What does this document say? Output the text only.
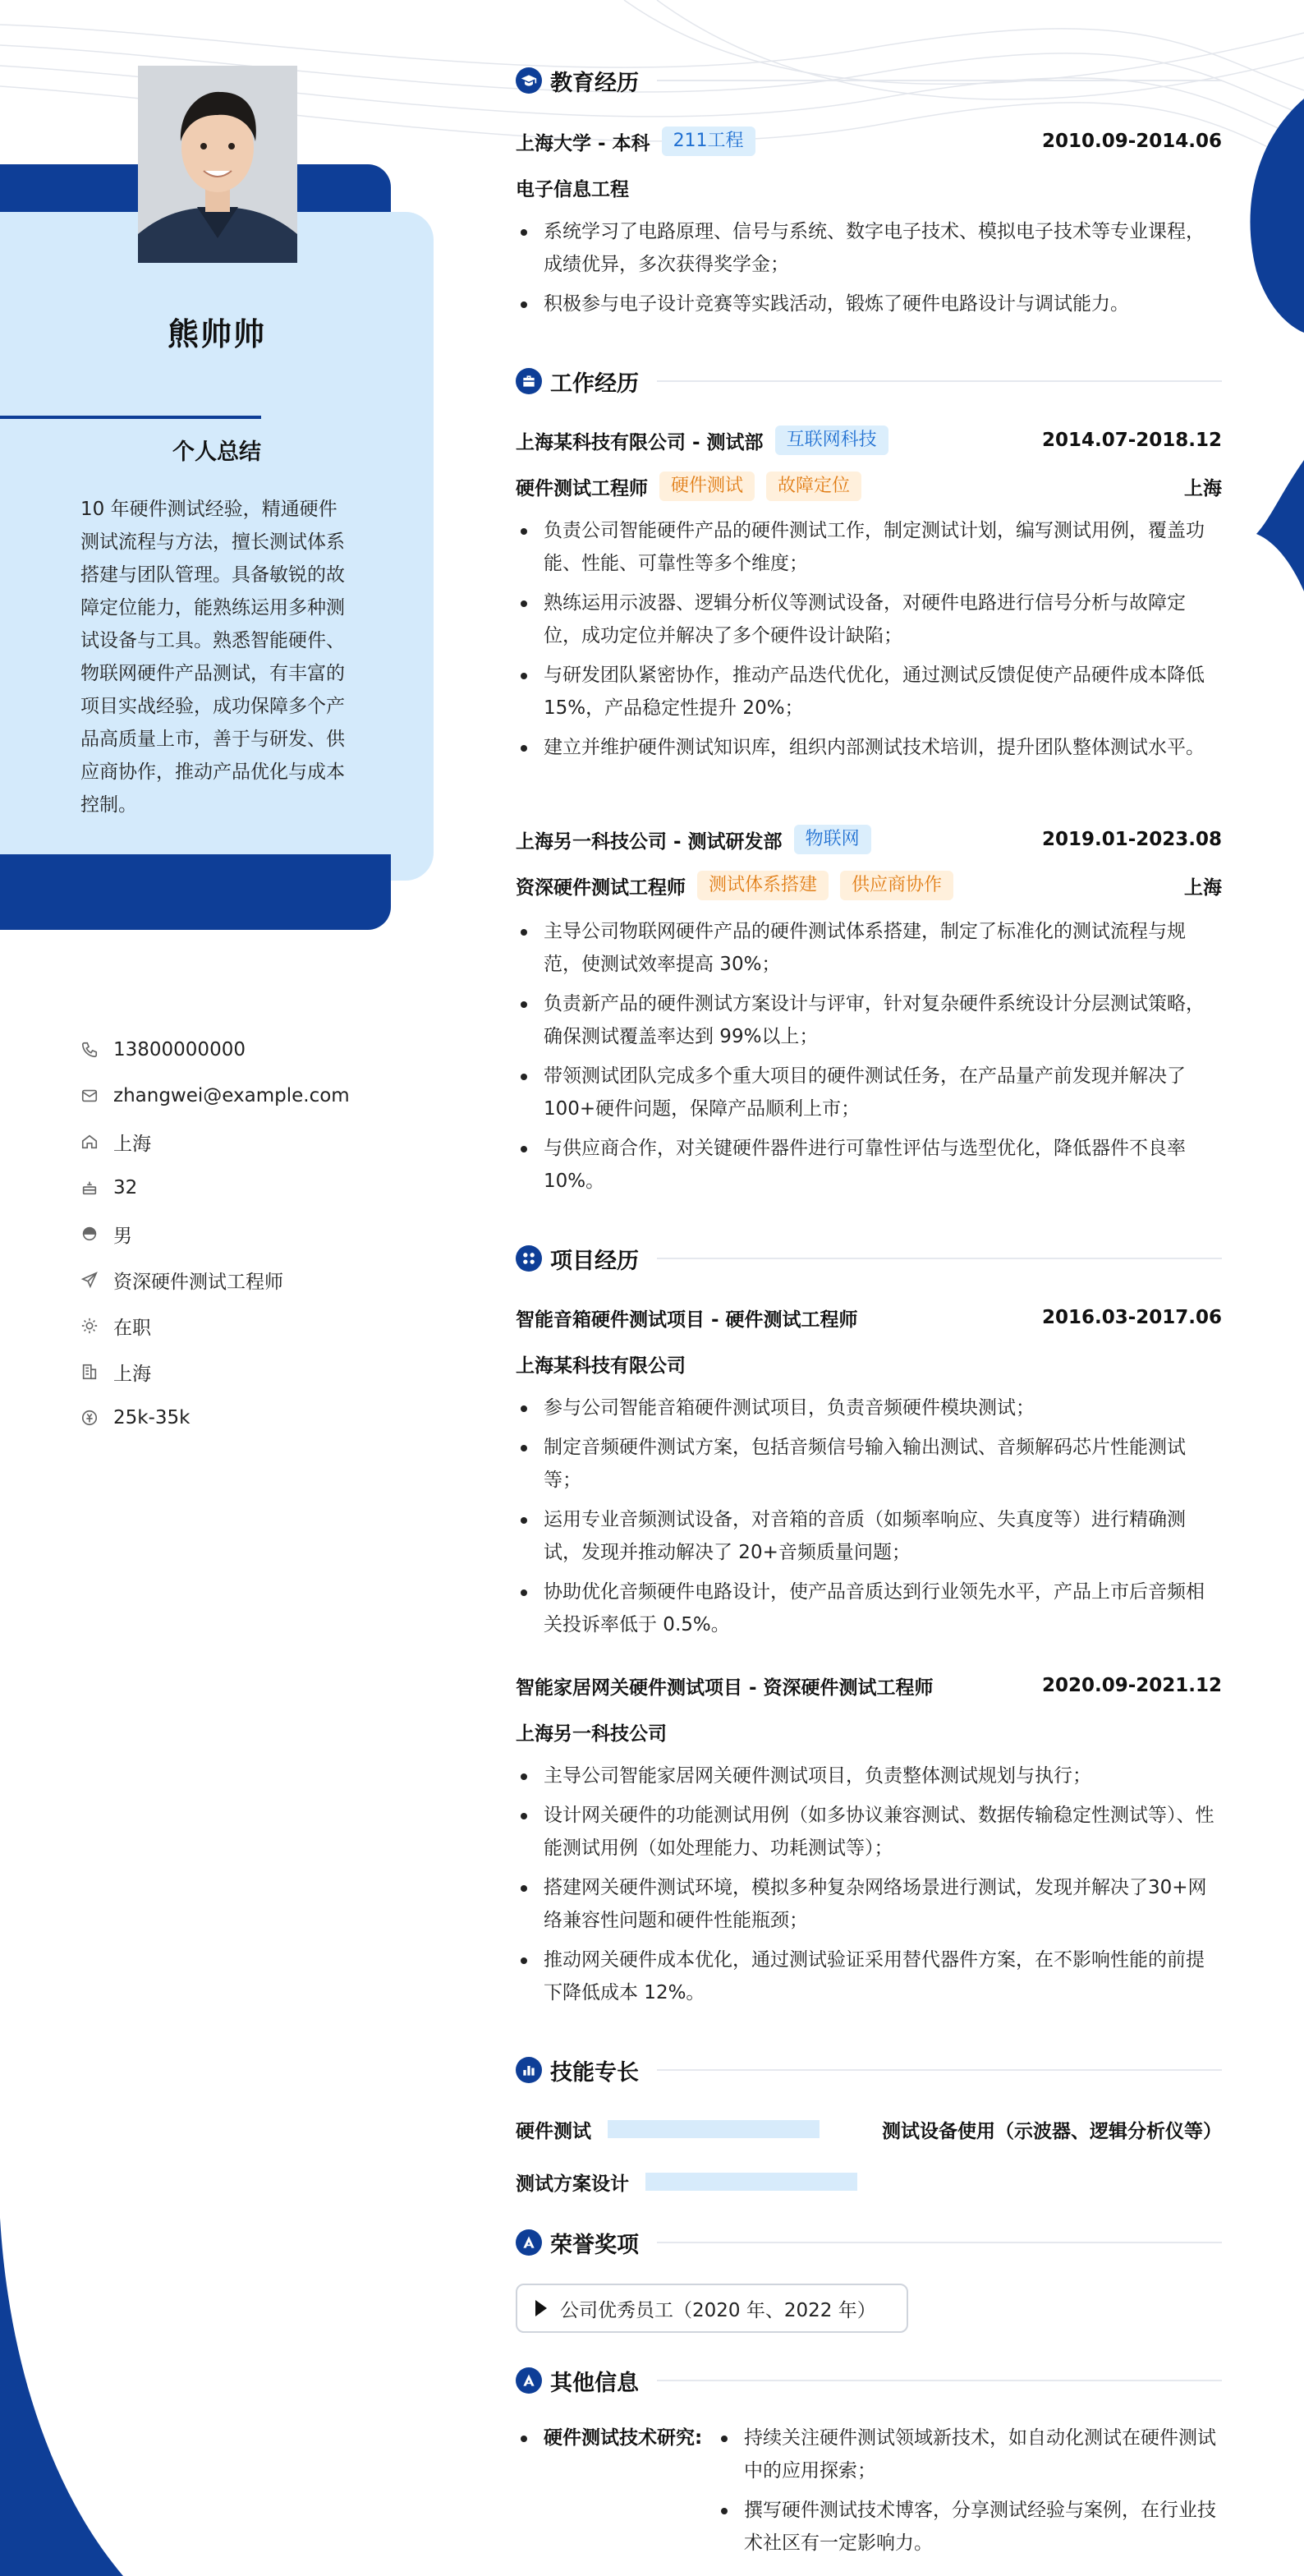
熊帅帅
个人总结
10 年硬件测试经验，精通硬件测试流程与方法，擅长测试体系搭建与团队管理。具备敏锐的故障定位能力，能熟练运用多种测试设备与工具。熟悉智能硬件、物联网硬件产品测试，有丰富的项目实战经验，成功保障多个产品高质量上市，善于与研发、供应商协作，推动产品优化与成本控制。
13800000000
zhangwei@example.com
上海
32
男
资深硬件测试工程师
在职
上海
25k-35k
教育经历
上海大学 - 本科	211工程	2010.09-2014.06
电子信息工程
系统学习了电路原理、信号与系统、数字电子技术、模拟电子技术等专业课程，成绩优异，多次获得奖学金；
积极参与电子设计竞赛等实践活动，锻炼了硬件电路设计与调试能力。
工作经历
上海某科技有限公司 - 测试部	互联网科技	2014.07-2018.12
硬件测试工程师	硬件测试	故障定位	上海
负责公司智能硬件产品的硬件测试工作，制定测试计划，编写测试用例，覆盖功能、性能、可靠性等多个维度；
熟练运用示波器、逻辑分析仪等测试设备，对硬件电路进行信号分析与故障定位，成功定位并解决了多个硬件设计缺陷；
与研发团队紧密协作，推动产品迭代优化，通过测试反馈促使产品硬件成本降低 15%，产品稳定性提升 20%；
建立并维护硬件测试知识库，组织内部测试技术培训，提升团队整体测试水平。
上海另一科技公司 - 测试研发部	物联网	2019.01-2023.08
资深硬件测试工程师	测试体系搭建	供应商协作	上海
主导公司物联网硬件产品的硬件测试体系搭建，制定了标准化的测试流程与规范，使测试效率提高 30%；
负责新产品的硬件测试方案设计与评审，针对复杂硬件系统设计分层测试策略，确保测试覆盖率达到 99%以上；
带领测试团队完成多个重大项目的硬件测试任务，在产品量产前发现并解决了100+硬件问题，保障产品顺利上市；
与供应商合作，对关键硬件器件进行可靠性评估与选型优化，降低器件不良率10%。
项目经历
智能音箱硬件测试项目 - 硬件测试工程师	2016.03-2017.06
上海某科技有限公司
参与公司智能音箱硬件测试项目，负责音频硬件模块测试；
制定音频硬件测试方案，包括音频信号输入输出测试、音频解码芯片性能测试等；
运用专业音频测试设备，对音箱的音质（如频率响应、失真度等）进行精确测试，发现并推动解决了 20+音频质量问题；
协助优化音频硬件电路设计，使产品音质达到行业领先水平，产品上市后音频相关投诉率低于 0.5%。
智能家居网关硬件测试项目 - 资深硬件测试工程师	2020.09-2021.12
上海另一科技公司
主导公司智能家居网关硬件测试项目，负责整体测试规划与执行；
设计网关硬件的功能测试用例（如多协议兼容测试、数据传输稳定性测试等）、性能测试用例（如处理能力、功耗测试等）；
搭建网关硬件测试环境，模拟多种复杂网络场景进行测试，发现并解决了30+网络兼容性问题和硬件性能瓶颈；
推动网关硬件成本优化，通过测试验证采用替代器件方案，在不影响性能的前提下降低成本 12%。
技能专长
硬件测试	测试设备使用（示波器、逻辑分析仪等）
测试方案设计
荣誉奖项
公司优秀员工（2020 年、2022 年）
其他信息
硬件测试技术研究:	持续关注硬件测试领域新技术，如自动化测试在硬件测试中的应用探索；
撰写硬件测试技术博客，分享测试经验与案例，在行业技术社区有一定影响力。
